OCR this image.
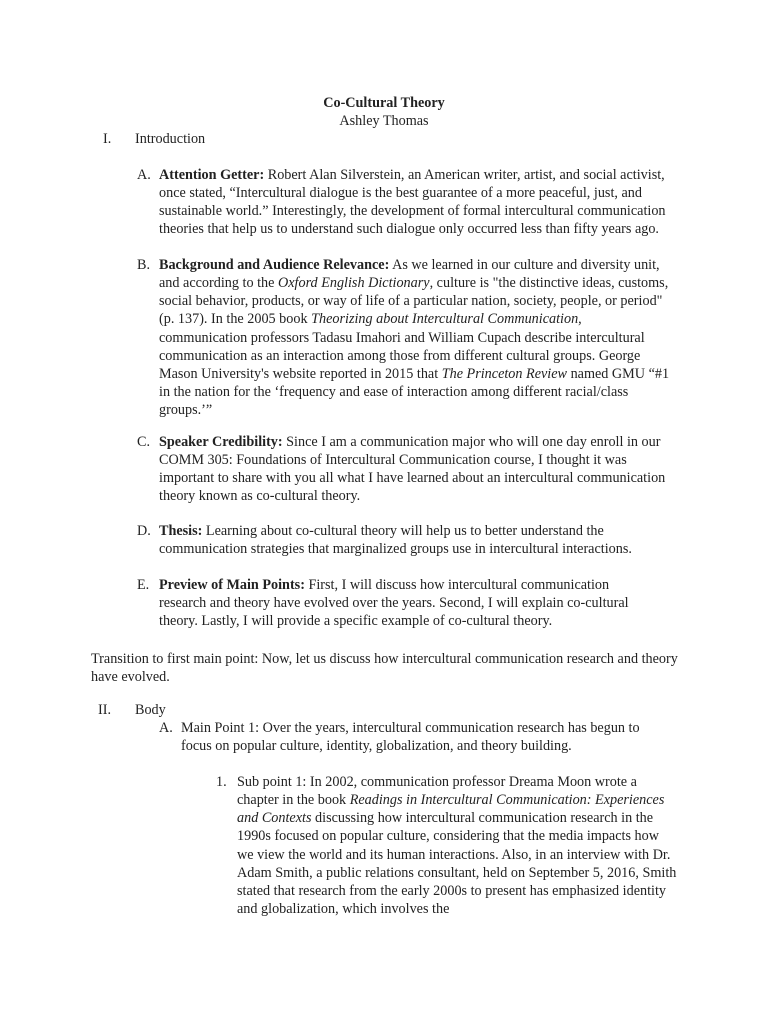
Co-Cultural Theory
Ashley Thomas
I. Introduction
A. Attention Getter: Robert Alan Silverstein, an American writer, artist, and social activist, once stated, “Intercultural dialogue is the best guarantee of a more peaceful, just, and sustainable world.” Interestingly, the development of formal intercultural communication theories that help us to understand such dialogue only occurred less than fifty years ago.
B. Background and Audience Relevance: As we learned in our culture and diversity unit, and according to the Oxford English Dictionary, culture is "the distinctive ideas, customs, social behavior, products, or way of life of a particular nation, society, people, or period" (p. 137). In the 2005 book Theorizing about Intercultural Communication, communication professors Tadasu Imahori and William Cupach describe intercultural communication as an interaction among those from different cultural groups. George Mason University's website reported in 2015 that The Princeton Review named GMU “#1 in the nation for the ‘frequency and ease of interaction among different racial/class groups.’”
C. Speaker Credibility: Since I am a communication major who will one day enroll in our COMM 305: Foundations of Intercultural Communication course, I thought it was important to share with you all what I have learned about an intercultural communication theory known as co-cultural theory.
D. Thesis: Learning about co-cultural theory will help us to better understand the communication strategies that marginalized groups use in intercultural interactions.
E. Preview of Main Points: First, I will discuss how intercultural communication research and theory have evolved over the years. Second, I will explain co-cultural theory. Lastly, I will provide a specific example of co-cultural theory.
Transition to first main point: Now, let us discuss how intercultural communication research and theory have evolved.
II. Body
A. Main Point 1: Over the years, intercultural communication research has begun to focus on popular culture, identity, globalization, and theory building.
1. Sub point 1: In 2002, communication professor Dreama Moon wrote a chapter in the book Readings in Intercultural Communication: Experiences and Contexts discussing how intercultural communication research in the 1990s focused on popular culture, considering that the media impacts how we view the world and its human interactions. Also, in an interview with Dr. Adam Smith, a public relations consultant, held on September 5, 2016, Smith stated that research from the early 2000s to present has emphasized identity and globalization, which involves the
